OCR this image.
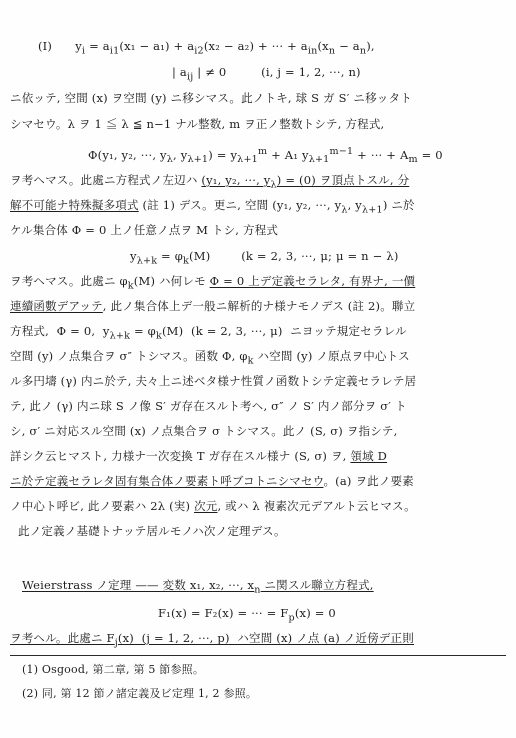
(I)      $y_i = a_{i1}(x_1 - a_1) + a_{i2}(x_2 - a_2)$ + ··· + $a_{in}(x_n - a_n)$,
| $a_{ij}$ | ≠ 0         (i, j = 1, 2, ···, n)
ニ依ッテ, 空間 (x) ヲ空間 (y) ニ移シマス。此ノトキ, 球 S ガ S′ ニ移ッタト
シマセウ。λ ヲ 1 ≦ λ ≦ n−1 ナル整数, m ヲ正ノ整数トシテ, 方程式,
Φ(y₁, y₂, ···, $y_\lambda$, $y_{\lambda+1}) = y_{\lambda+1}^m + A_1$ $y_{\lambda+1}^{m-1}$ + ··· + $A_m = 0$
ヲ考ヘマス。此處ニ方程式ノ左辺ハ (y₁, y₂, ···, $y_\lambda) = (0)$ ヲ頂点トスル, 分
解不可能ナ特殊擬多項式 (註 1) デス。更ニ, 空間 (y₁, y₂, ···, $y_\lambda$, $y_{\lambda+1}$) ニ於
ケル集合体 Φ = 0 上ノ任意ノ点ヲ M トシ, 方程式
$y_{\lambda+k} = \varphi_k(M)$        (k = 2, 3, ···, μ; μ = n − λ)
ヲ考ヘマス。此處ニ $\varphi_k(M)$ ハ何レモ Φ = 0 上デ定義セラレタ, 有界ナ, 一價
連續函數デアッテ, 此ノ集合体上デ一般ニ解析的ナ様ナモノデス (註 2)。聯立
方程式,  Φ = 0,  $y_{\lambda+k} = \varphi_k(M) (k = 2$, 3, ···, μ)  ニヨッテ規定セラレル
空間 (y) ノ点集合ヲ σ″ トシマス。函数 Φ, $\varphi_k$ ハ空間 (y) ノ原点ヲ中心トス
ル多円壔 (γ) 内ニ於テ, 夫々上ニ述ベタ様ナ性質ノ函数トシテ定義セラレテ居
テ, 此ノ (γ) 内ニ球 S ノ像 S′ ガ存在スルト考ヘ, σ″ ノ S′ 内ノ部分ヲ σ′ ト
シ, σ′ ニ対応スル空間 (x) ノ点集合ヲ σ トシマス。此ノ (S, σ) ヲ指シテ,
詳シク云ヒマスト, 力様ナ一次変換 T ガ存在スル様ナ (S, σ) ヲ, 領域 D
ニ於テ定義セラレタ固有集合体ノ要素ト呼ブコトニシマセウ。(a) ヲ此ノ要素
ノ中心ト呼ビ, 此ノ要素ハ 2λ (実) 次元, 或ハ λ 複素次元デアルト云ヒマス。
此ノ定義ノ基礎トナッテ居ルモノハ次ノ定理デス。
Weierstrass ノ定理 —— 変数 x₁, x₂, ···, $x_n$ ニ関スル聯立方程式,
F₁(x) = F₂(x) = ··· = $F_p(x) = 0$
ヲ考ヘル。此處ニ $F_j(x) (j = 1$, 2, ···, p)  ハ空間 (x) ノ点 (a) ノ近傍デ正則
(1) Osgood, 第二章, 第 5 節参照。
(2) 同, 第 12 節ノ諸定義及ビ定理 1, 2 参照。
